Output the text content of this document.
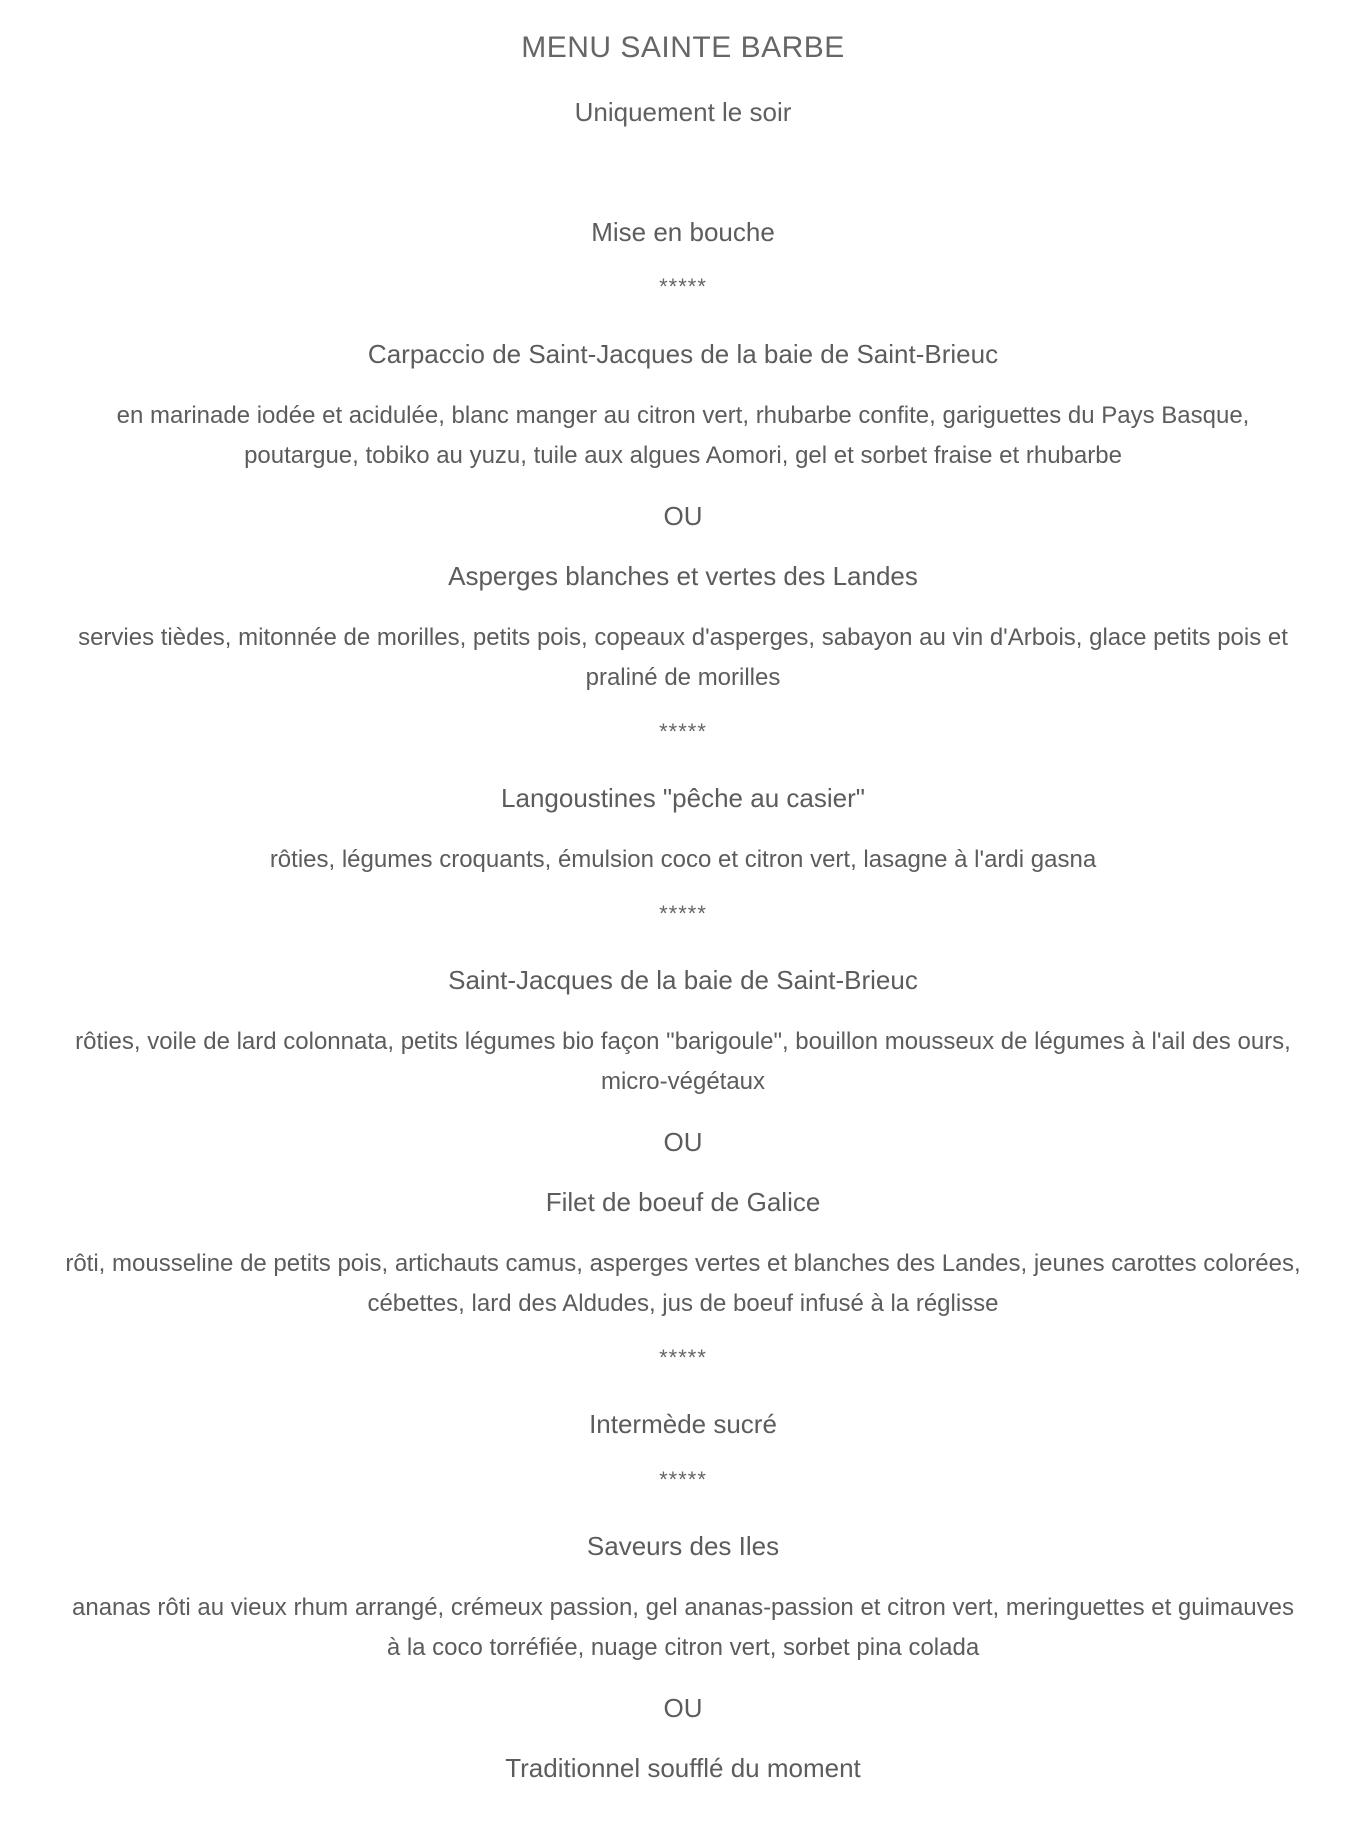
MENU SAINTE BARBE
Uniquement le soir
Mise en bouche
*****
Carpaccio de Saint-Jacques de la baie de Saint-Brieuc
en marinade iodée et acidulée, blanc manger au citron vert, rhubarbe confite, gariguettes du Pays Basque,
poutargue, tobiko au yuzu, tuile aux algues Aomori, gel et sorbet fraise et rhubarbe
OU
Asperges blanches et vertes des Landes
servies tièdes, mitonnée de morilles, petits pois, copeaux d'asperges, sabayon au vin d'Arbois, glace petits pois et
praliné de morilles
*****
Langoustines "pêche au casier"
rôties, légumes croquants, émulsion coco et citron vert, lasagne à l'ardi gasna
*****
Saint-Jacques de la baie de Saint-Brieuc
rôties, voile de lard colonnata, petits légumes bio façon "barigoule", bouillon mousseux de légumes à l'ail des ours,
micro-végétaux
OU
Filet de boeuf de Galice
rôti, mousseline de petits pois, artichauts camus, asperges vertes et blanches des Landes, jeunes carottes colorées,
cébettes, lard des Aldudes, jus de boeuf infusé à la réglisse
*****
Intermède sucré
*****
Saveurs des Iles
ananas rôti au vieux rhum arrangé, crémeux passion, gel ananas-passion et citron vert, meringuettes et guimauves
à la coco torréfiée, nuage citron vert, sorbet pina colada
OU
Traditionnel soufflé du moment
